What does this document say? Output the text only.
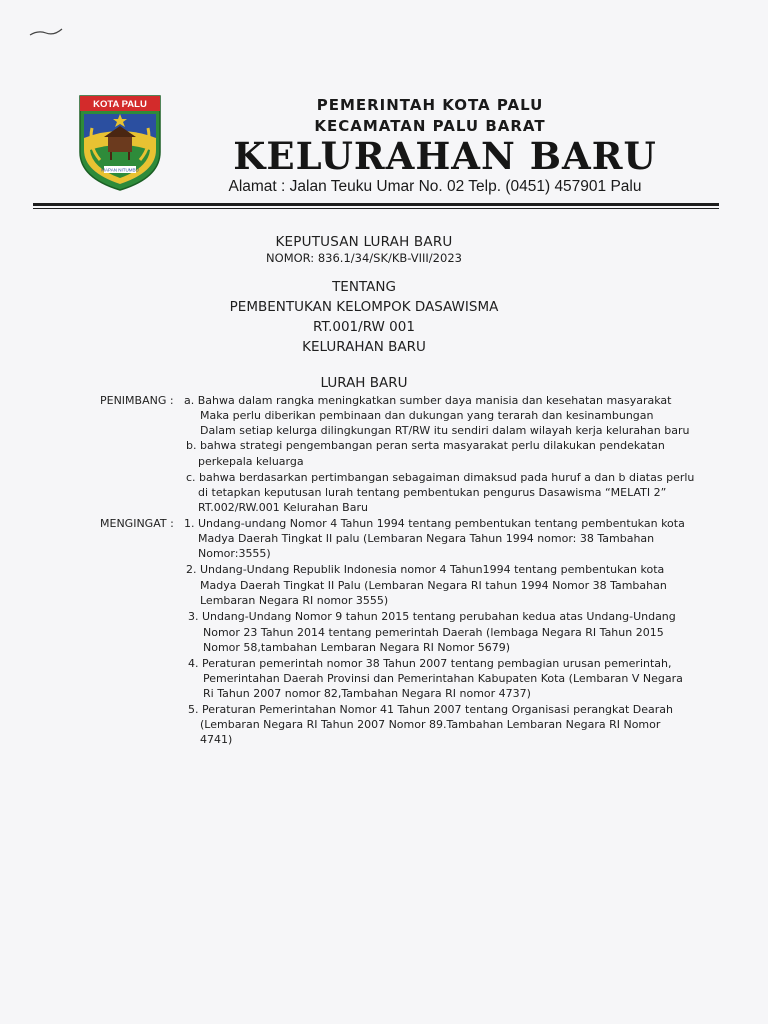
KOTA PALU
MAPAN NITUMBU
PEMERINTAH KOTA PALU
KECAMATAN PALU BARAT
KELURAHAN BARU
Alamat : Jalan Teuku Umar No. 02 Telp. (0451) 457901 Palu
KEPUTUSAN LURAH BARU
NOMOR: 836.1/34/SK/KB-VIII/2023
TENTANG
PEMBENTUKAN KELOMPOK DASAWISMA
RT.001/RW 001
KELURAHAN BARU
LURAH BARU
PENIMBANG : a. Bahwa dalam rangka meningkatkan sumber daya manisia dan kesehatan masyarakat
Maka perlu diberikan pembinaan dan dukungan yang terarah dan kesinambungan
Dalam setiap kelurga dilingkungan RT/RW itu sendiri dalam wilayah kerja kelurahan baru
b. bahwa strategi pengembangan peran serta masyarakat perlu dilakukan pendekatan
perkepala keluarga
c. bahwa berdasarkan pertimbangan sebagaiman dimaksud pada huruf a dan b diatas perlu
di tetapkan keputusan lurah tentang pembentukan pengurus Dasawisma “MELATI 2”
RT.002/RW.001 Kelurahan Baru
MENGINGAT : 1. Undang-undang Nomor 4 Tahun 1994 tentang pembentukan tentang pembentukan kota
Madya Daerah Tingkat II palu (Lembaran Negara Tahun 1994 nomor: 38 Tambahan
Nomor:3555)
2. Undang-Undang Republik Indonesia nomor 4 Tahun1994 tentang pembentukan kota
Madya Daerah Tingkat II Palu (Lembaran Negara RI tahun 1994 Nomor 38 Tambahan
Lembaran Negara RI nomor 3555)
3. Undang-Undang Nomor 9 tahun 2015 tentang perubahan kedua atas Undang-Undang
Nomor 23 Tahun 2014 tentang pemerintah Daerah (lembaga Negara RI Tahun 2015
Nomor 58,tambahan Lembaran Negara RI Nomor 5679)
4. Peraturan pemerintah nomor 38 Tahun 2007 tentang pembagian urusan pemerintah,
Pemerintahan Daerah Provinsi dan Pemerintahan Kabupaten Kota (Lembaran V Negara
Ri Tahun 2007 nomor 82,Tambahan Negara RI nomor 4737)
5. Peraturan Pemerintahan Nomor 41 Tahun 2007 tentang Organisasi perangkat Dearah
(Lembaran Negara RI Tahun 2007 Nomor 89.Tambahan Lembaran Negara RI Nomor
4741)
